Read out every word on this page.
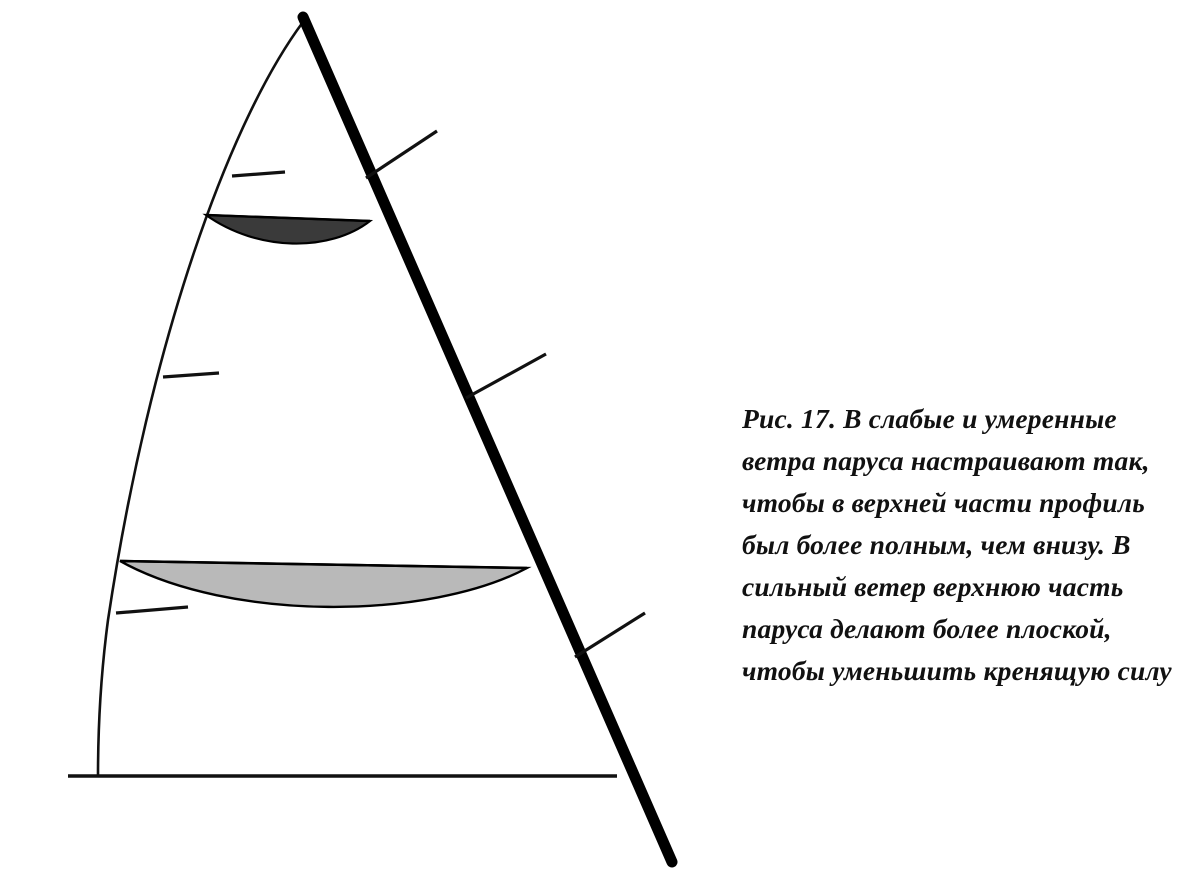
Рис. 17. В слабые и умеренные ветра паруса настраивают так, чтобы в верхней части профиль был более полным, чем внизу. В сильный ветер верхнюю часть паруса делают более плоской, чтобы уменьшить кренящую силу
